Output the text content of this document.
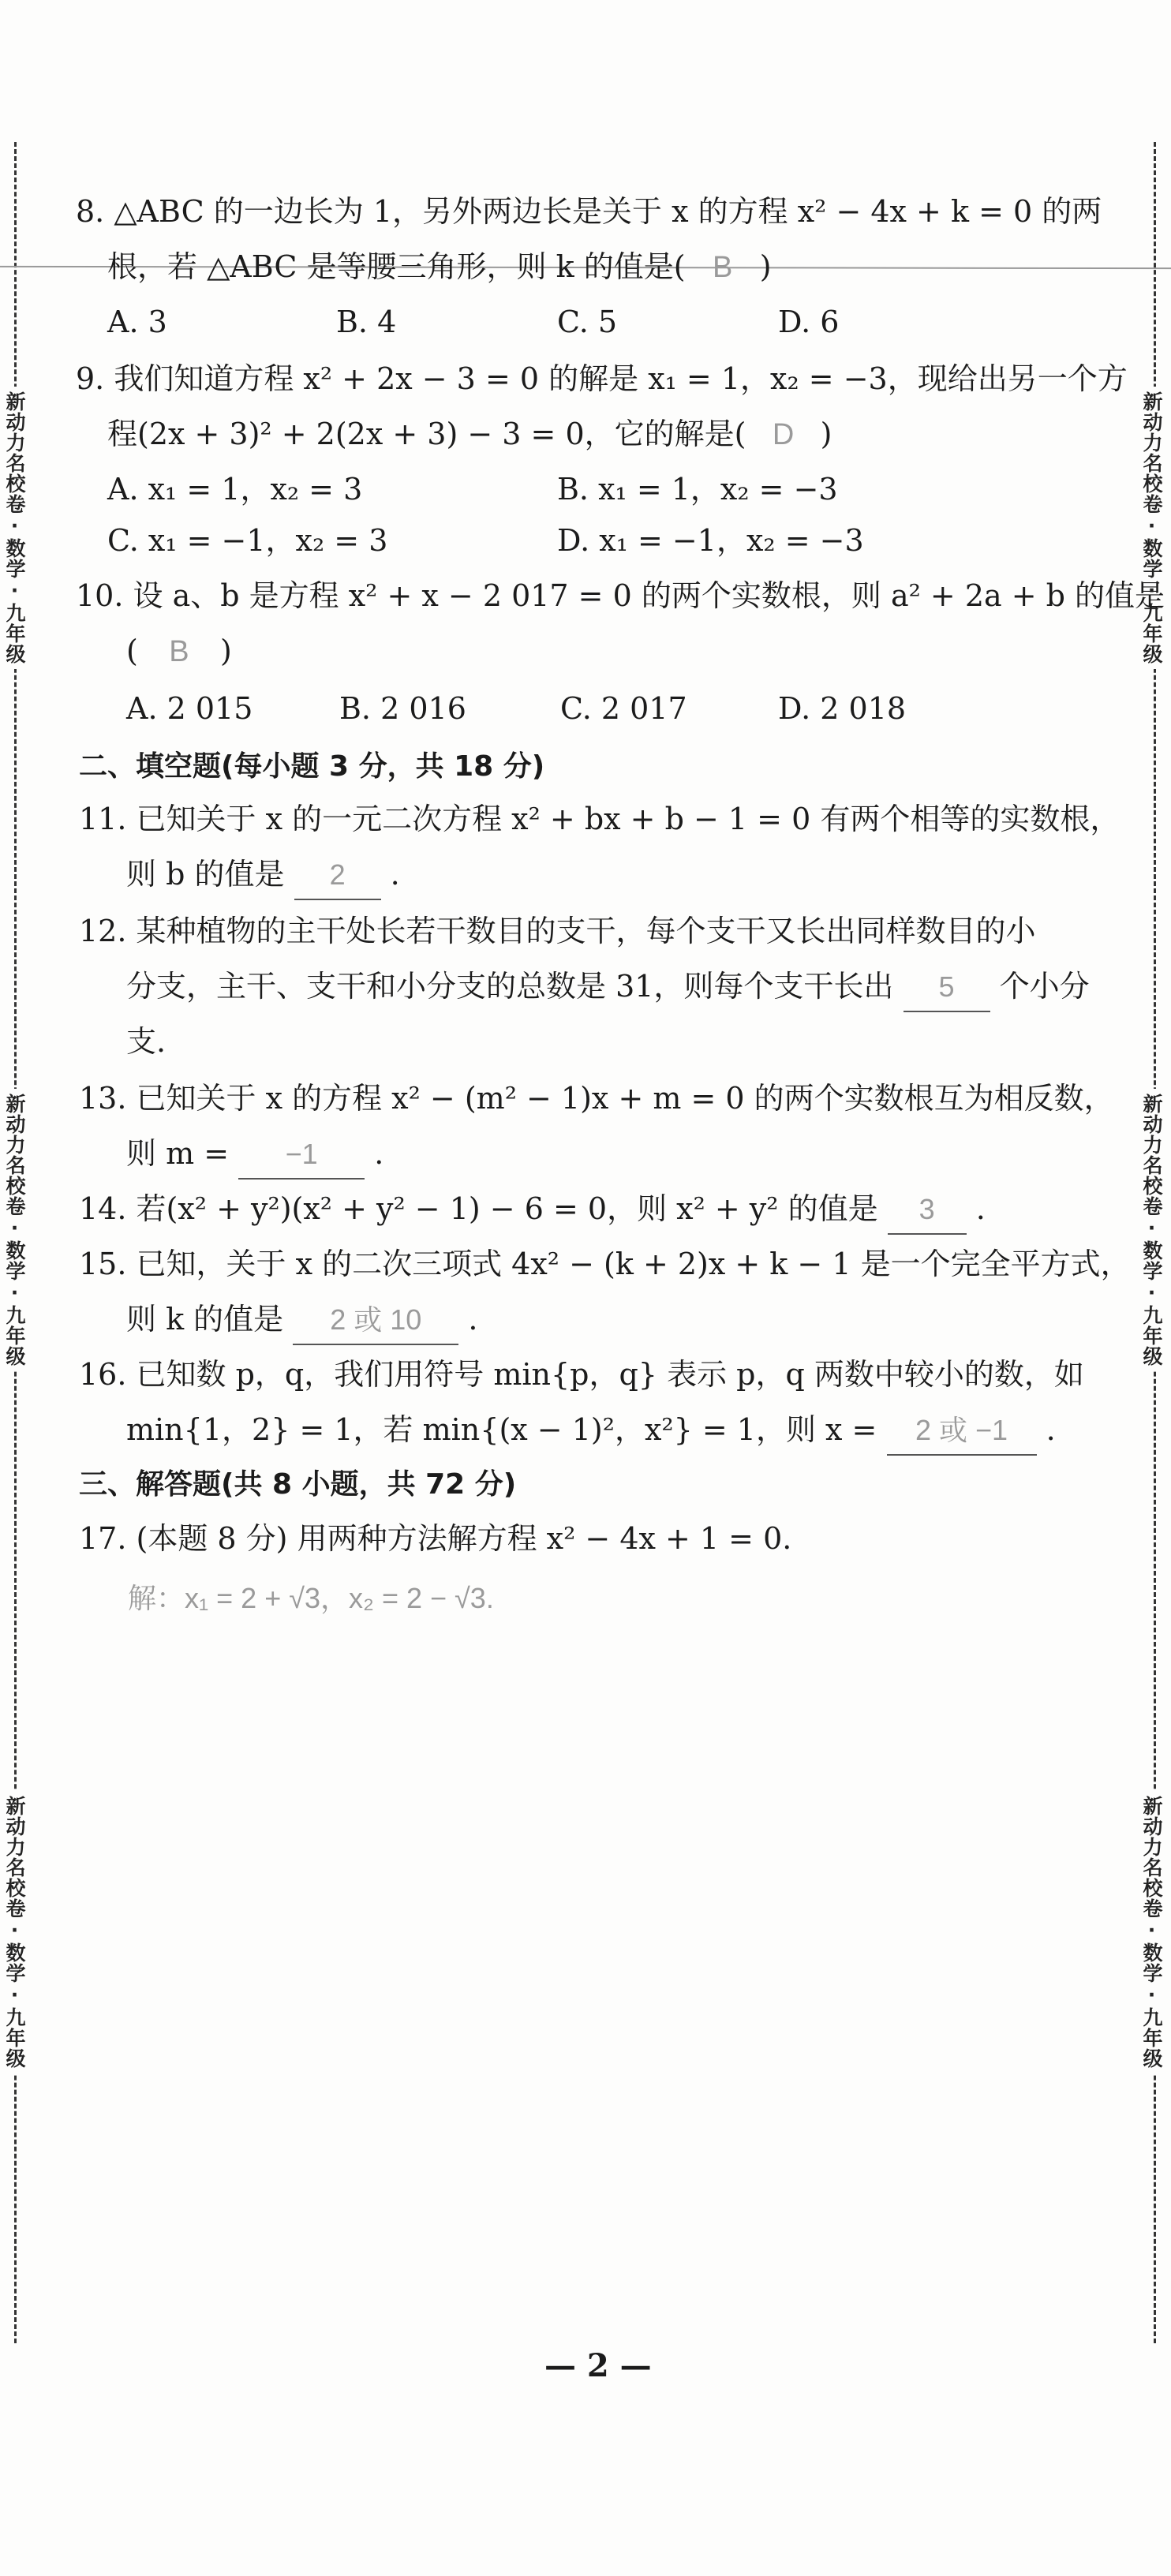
新动力名校卷·数学·九年级
新动力名校卷·数学·九年级
新动力名校卷·数学·九年级
新动力名校卷·数学·九年级
新动力名校卷·数学·九年级
新动力名校卷·数学·九年级
8. △ABC 的一边长为 1，另外两边长是关于 x 的方程 x² − 4x + k = 0 的两
根，若 △ABC 是等腰三角形，则 k 的值是( B )
A. 3	B. 4	C. 5	D. 6
9. 我们知道方程 x² + 2x − 3 = 0 的解是 x₁ = 1，x₂ = −3，现给出另一个方
程(2x + 3)² + 2(2x + 3) − 3 = 0，它的解是( D )
A. x₁ = 1，x₂ = 3	B. x₁ = 1，x₂ = −3
C. x₁ = −1，x₂ = 3	D. x₁ = −1，x₂ = −3
10. 设 a、b 是方程 x² + x − 2 017 = 0 的两个实数根，则 a² + 2a + b 的值是
( B )
A. 2 015	B. 2 016	C. 2 017	D. 2 018
二、填空题(每小题 3 分，共 18 分)
11. 已知关于 x 的一元二次方程 x² + bx + b − 1 = 0 有两个相等的实数根，
则 b 的值是 2 .
12. 某种植物的主干处长若干数目的支干，每个支干又长出同样数目的小
分支，主干、支干和小分支的总数是 31，则每个支干长出 5 个小分
支.
13. 已知关于 x 的方程 x² − (m² − 1)x + m = 0 的两个实数根互为相反数，
则 m = −1 .
14. 若(x² + y²)(x² + y² − 1) − 6 = 0，则 x² + y² 的值是 3 .
15. 已知，关于 x 的二次三项式 4x² − (k + 2)x + k − 1 是一个完全平方式，
则 k 的值是 2 或 10 .
16. 已知数 p，q，我们用符号 min{p，q} 表示 p，q 两数中较小的数，如
min{1，2} = 1，若 min{(x − 1)²，x²} = 1，则 x = 2 或 −1 .
三、解答题(共 8 小题，共 72 分)
17. (本题 8 分) 用两种方法解方程 x² − 4x + 1 = 0.
解：x₁ = 2 + √3，x₂ = 2 − √3.
— 2 —
